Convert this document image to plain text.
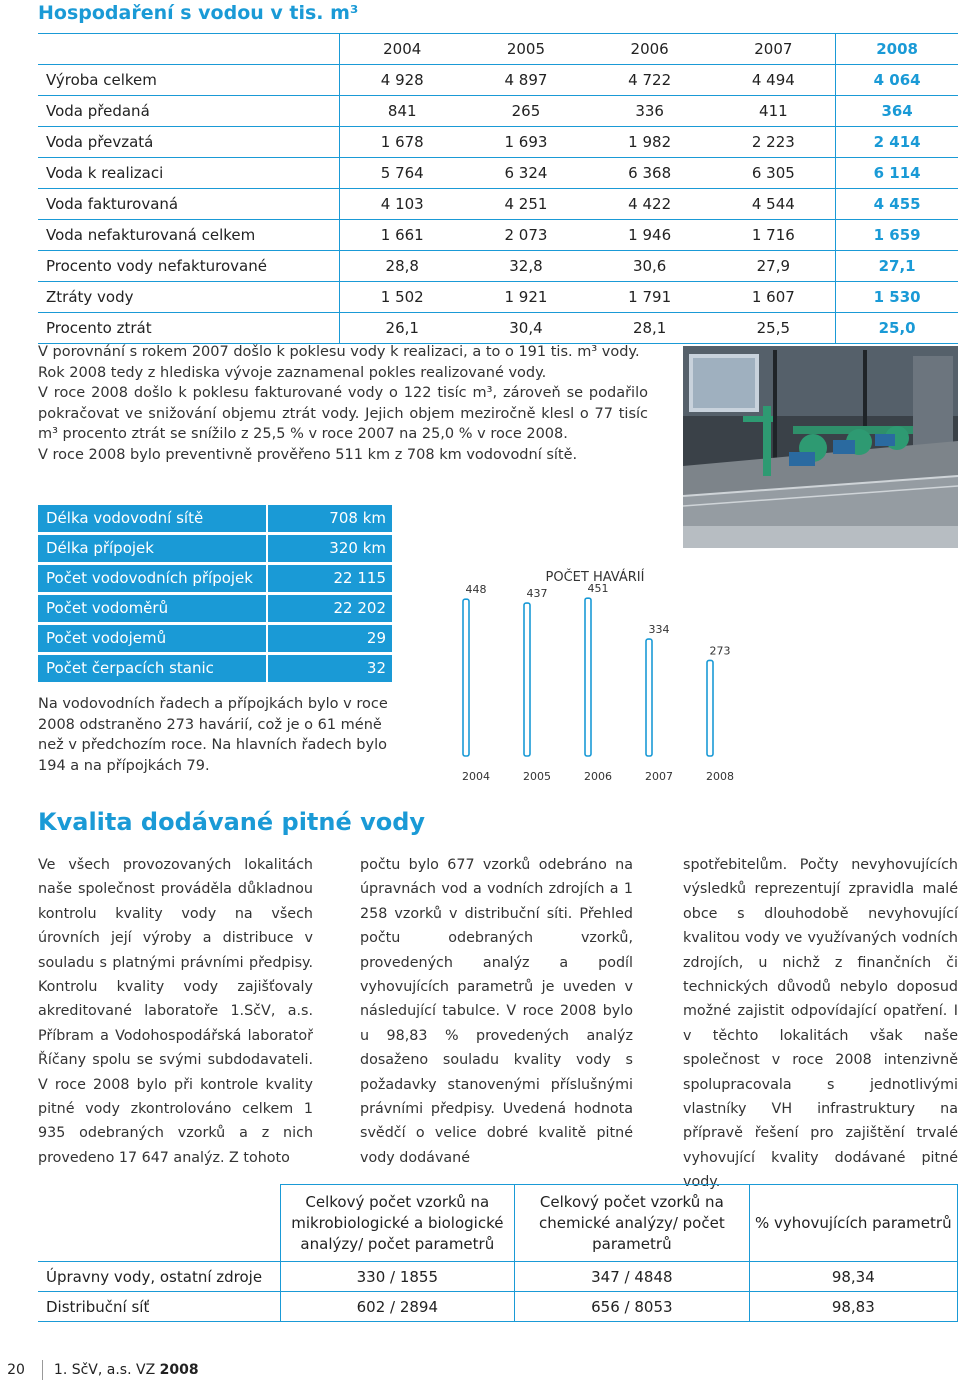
Hospodaření s vodou v tis. m³
	2004	2005	2006	2007	2008
Výroba celkem	4 928	4 897	4 722	4 494	4 064
Voda předaná	841	265	336	411	364
Voda převzatá	1 678	1 693	1 982	2 223	2 414
Voda k realizaci	5 764	6 324	6 368	6 305	6 114
Voda fakturovaná	4 103	4 251	4 422	4 544	4 455
Voda nefakturovaná celkem	1 661	2 073	1 946	1 716	1 659
Procento vody nefakturované	28,8	32,8	30,6	27,9	27,1
Ztráty vody	1 502	1 921	1 791	1 607	1 530
Procento ztrát	26,1	30,4	28,1	25,5	25,0

V porovnání s rokem 2007 došlo k poklesu vody k realizaci, a to o 191 tis. m³ vody.

Rok 2008 tedy z hlediska vývoje zaznamenal pokles realizované vody.

V roce 2008 došlo k poklesu fakturované vody o 122 tisíc m³, zároveň se podařilo pokračovat ve snižování objemu ztrát vody. Jejich objem meziročně klesl o 77 tisíc m³ procento ztrát se snížilo z 25,5 % v roce 2007 na 25,0 % v roce 2008.

V roce 2008 bylo preventivně prověřeno 511 km z 708 km vodovodní sítě.

Délka vodovodní sítě	708 km
Délka přípojek	320 km
Počet vodovodních přípojek	22 115
Počet vodoměrů	22 202
Počet vodojemů	29
Počet čerpacích stanic	32
Na vodovodních řadech a přípojkách bylo v roce 2008 odstraněno 273 havárií, což je o 61 méně než v předchozím roce. Na hlavních řadech bylo 194 a na přípojkách 79.
POČET HAVÁRIÍ
448
2004
437
2005
451
2006
334
2007
273
2008
Kvalita dodávané pitné vody
Ve všech provozovaných lokalitách naše společnost prováděla důkladnou kontrolu kvality vody na všech úrovních její výroby a distribuce v souladu s platnými právními předpisy. Kontrolu kvality vody zajišťovaly akreditované laboratoře 1.SčV, a.s. Příbram a Vodohospodářská laboratoř Říčany spolu se svými subdodavateli. V roce 2008 bylo při kontrole kvality pitné vody zkontrolováno celkem 1 935 odebraných vzorků a z nich provedeno 17 647 analýz. Z tohoto
počtu bylo 677 vzorků odebráno na úpravnách vod a vodních zdrojích a 1 258 vzorků v distribuční síti. Přehled počtu odebraných vzorků, provedených analýz a podíl vyhovujících parametrů je uveden v následující tabulce. V roce 2008 bylo u 98,83 % provedených analýz dosaženo souladu kvality vody s požadavky stanovenými příslušnými právními předpisy. Uvedená hodnota svědčí o velice dobré kvalitě pitné vody dodávané
spotřebitelům. Počty nevyhovujících výsledků reprezentují zpravidla malé obce s dlouhodobě nevyhovující kvalitou vody ve využívaných vodních zdrojích, u nichž z finančních či technických důvodů nebylo doposud možné zajistit odpovídající opatření. I v těchto lokalitách však naše společnost v roce 2008 intenzivně spolupracovala s jednotlivými vlastníky VH infrastruktury na přípravě řešení pro zajištění trvalé vyhovující kvality dodávané pitné vody.
	Celkový počet vzorků na mikrobiologické a biologické analýzy/ počet parametrů	Celkový počet vzorků na chemické analýzy/ počet parametrů	% vyhovujících parametrů
Úpravny vody, ostatní zdroje	330 / 1855	347 / 4848	98,34
Distribuční síť	602 / 2894	656 / 8053	98,83
20 1. SčV, a.s. VZ 2008
